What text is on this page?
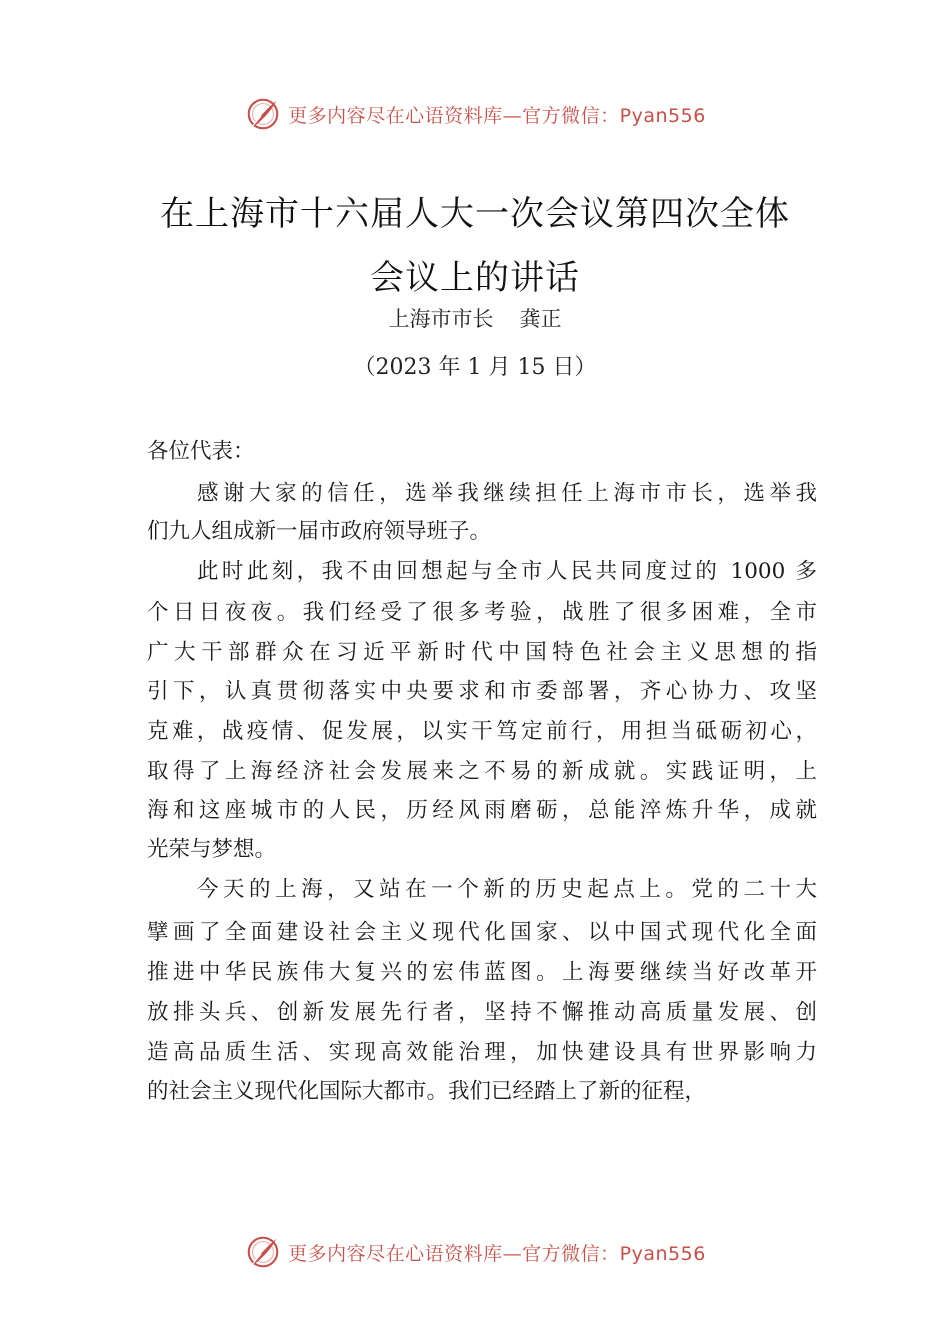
更多内容尽在心语资料库—官方微信：Pyan556
在上海市十六届人大一次会议第四次全体
会议上的讲话
上海市市长 龚正
（2023 年 1 月 15 日）
各位代表：
感谢大家的信任，选举我继续担任上海市市长，选举我
们九人组成新一届市政府领导班子。
此时此刻，我不由回想起与全市人民共同度过的 1000 多
个日日夜夜。我们经受了很多考验，战胜了很多困难，全市
广大干部群众在习近平新时代中国特色社会主义思想的指
引下，认真贯彻落实中央要求和市委部署，齐心协力、攻坚
克难，战疫情、促发展，以实干笃定前行，用担当砥砺初心，
取得了上海经济社会发展来之不易的新成就。实践证明，上
海和这座城市的人民，历经风雨磨砺，总能淬炼升华，成就
光荣与梦想。
今天的上海，又站在一个新的历史起点上。党的二十大
擘画了全面建设社会主义现代化国家、以中国式现代化全面
推进中华民族伟大复兴的宏伟蓝图。上海要继续当好改革开
放排头兵、创新发展先行者，坚持不懈推动高质量发展、创
造高品质生活、实现高效能治理，加快建设具有世界影响力
的社会主义现代化国际大都市。我们已经踏上了新的征程，
更多内容尽在心语资料库—官方微信：Pyan556
